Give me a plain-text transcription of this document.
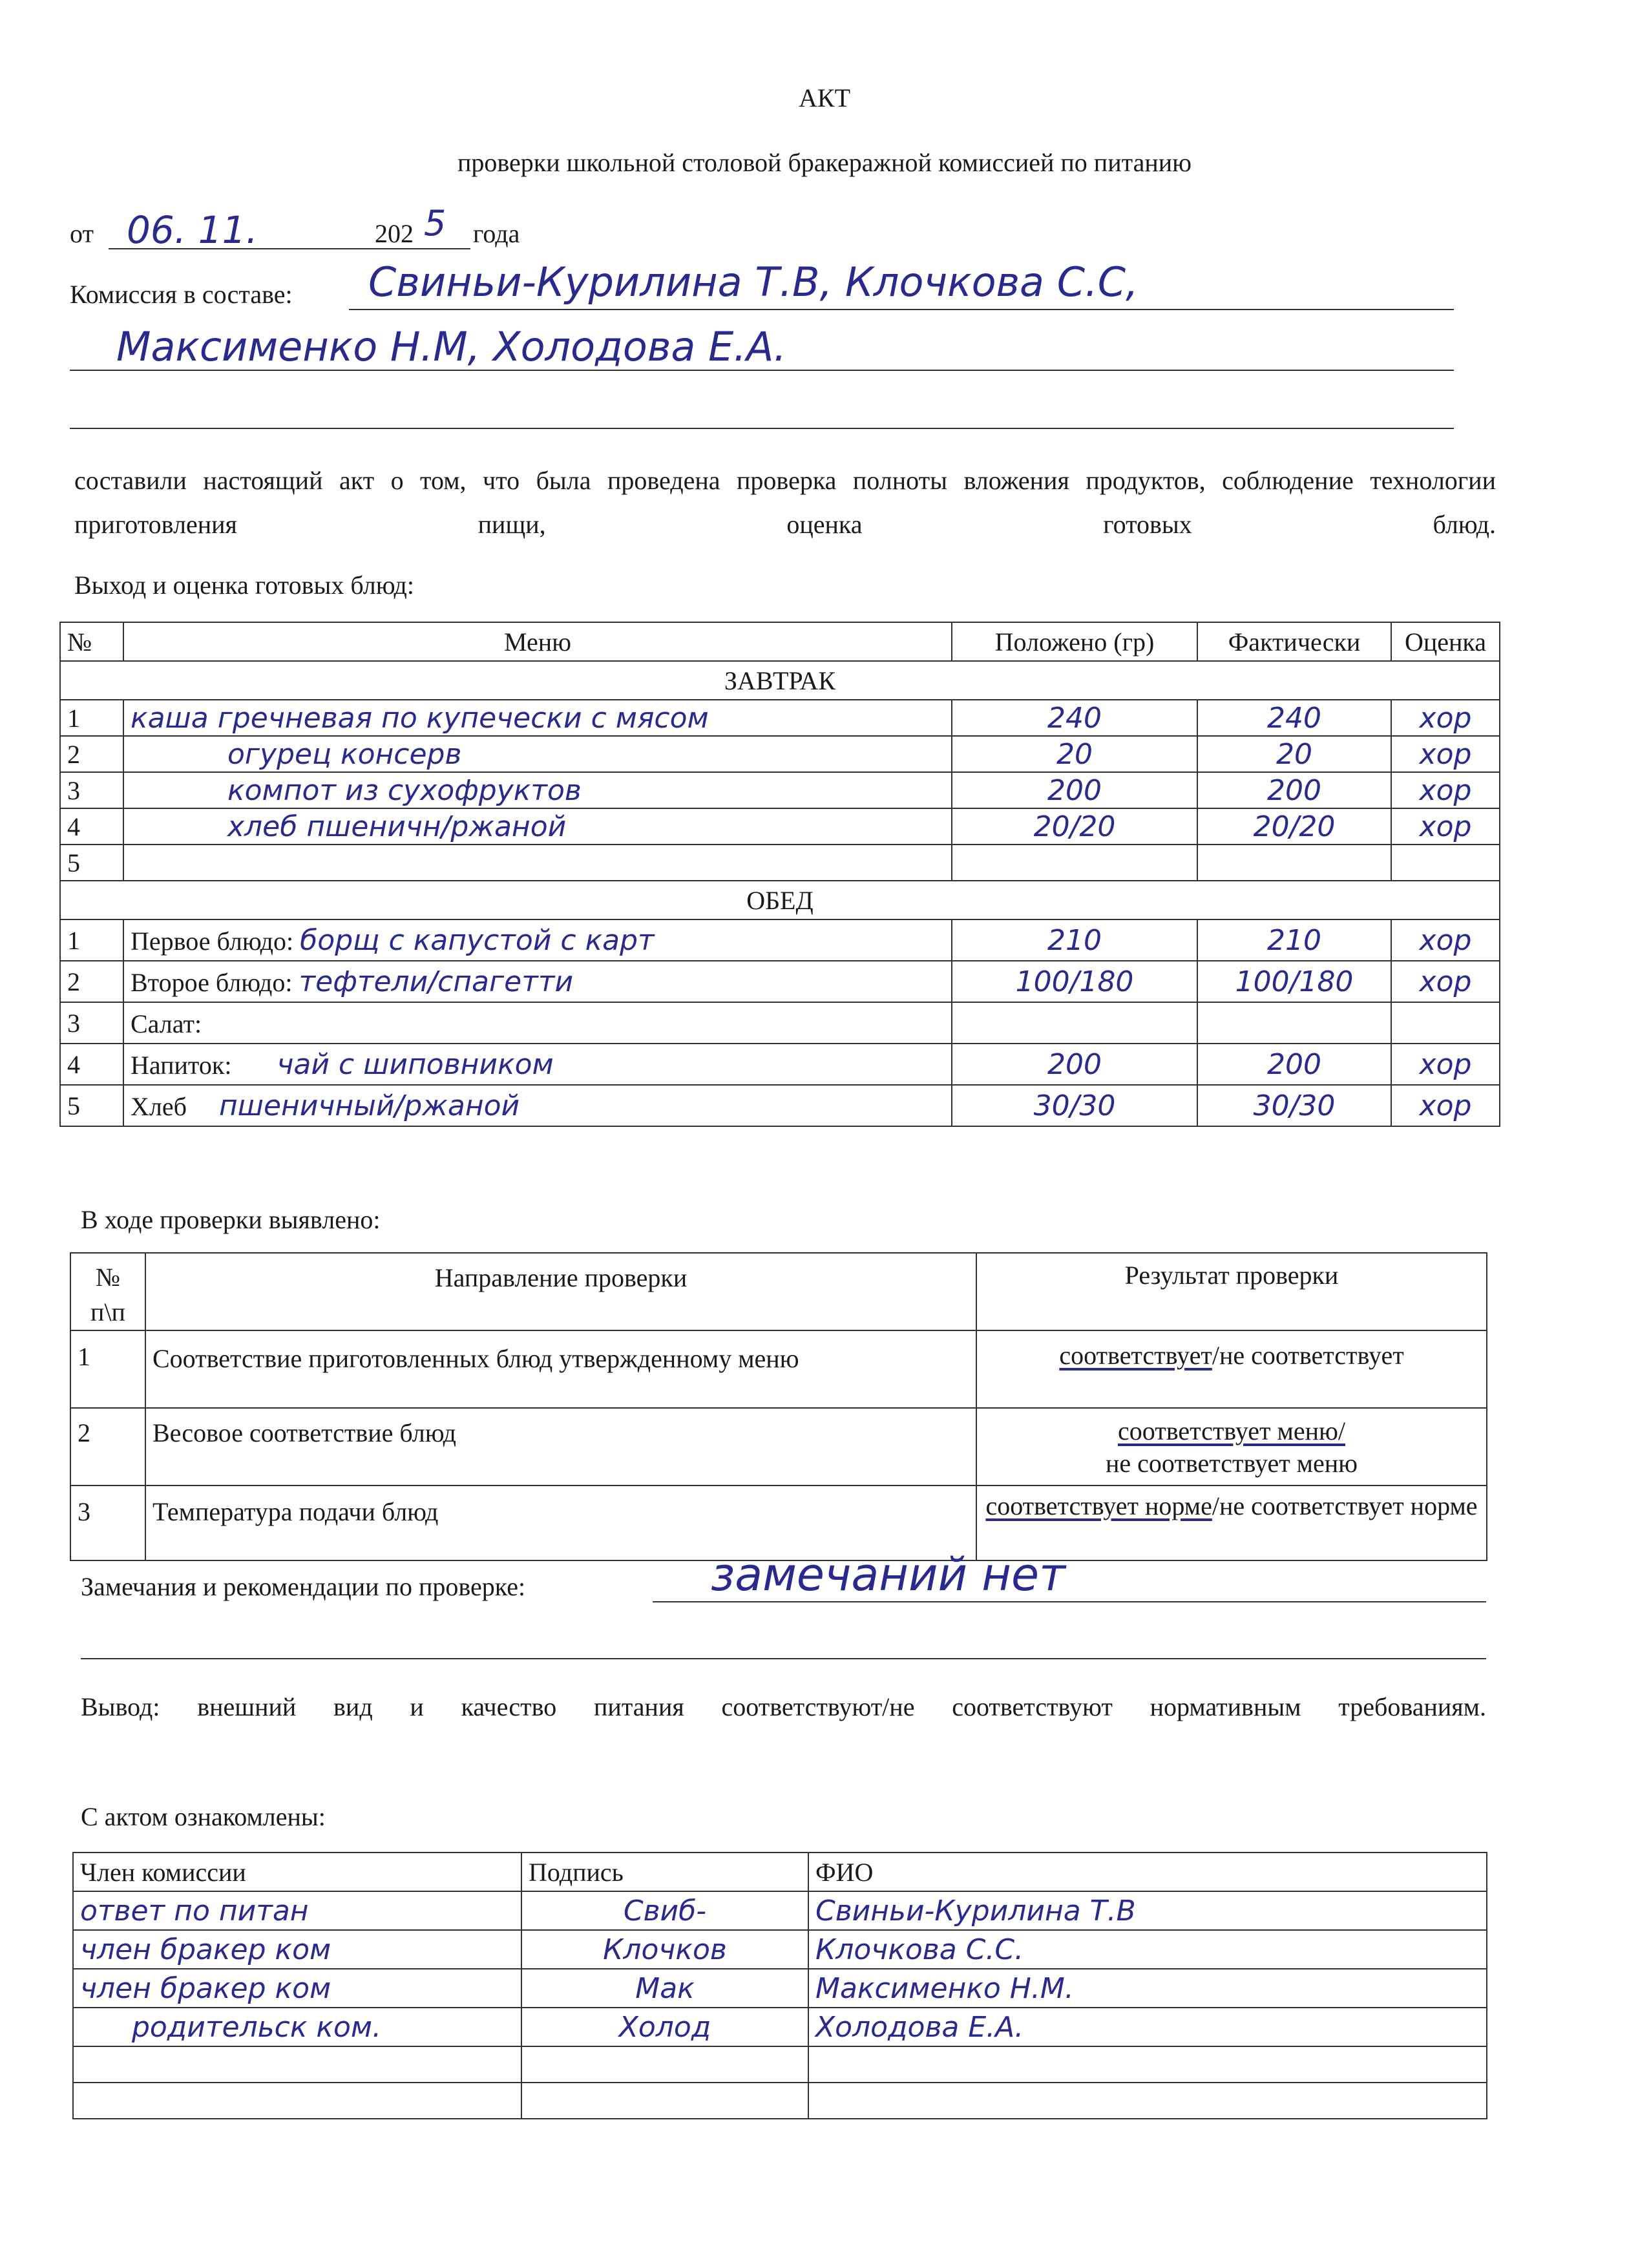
АКТ
проверки школьной столовой бракеражной комиссией по питанию
от 06. 11.	202 5 года
Комиссия в составе: Свиньи-Курилина Т.В, Клочкова С.С,
Максименко Н.М, Холодова Е.А.
составили настоящий акт о том, что была проведена проверка полноты вложения продуктов, соблюдение технологии приготовления пищи, оценка готовых блюд.
Выход и оценка готовых блюд:
№	Меню	Положено (гр)	Фактически	Оценка
ЗАВТРАК				
1	каша гречневая по купечески с мясом	240	240	хор
2	огурец консерв	20	20	хор
3	компот из сухофруктов	200	200	хор
4	хлеб пшеничн/ржаной	20/20	20/20	хор
5				
ОБЕД				
1	Первое блюдо: борщ с капустой с карт	210	210	хор
2	Второе блюдо: тефтели/спагетти	100/180	100/180	хор
3	Салат:			
4	Напиток: чай с шиповником	200	200	хор
5	Хлеб пшеничный/ржаной	30/30	30/30	хор
В ходе проверки выявлено:
№ п\п	Направление проверки	Результат проверки
1	Соответствие приготовленных блюд утвержденному меню	соответствует/не соответствует
2	Весовое соответствие блюд	соответствует меню/
не соответствует меню
3	Температура подачи блюд	соответствует норме/не соответствует норме
Замечания и рекомендации по проверке:	замечаний нет
Вывод: внешний вид и качество питания соответствуют/не соответствуют нормативным требованиям.
С актом ознакомлены:
Член комиссии	Подпись	ФИО
ответ по питан	Свиб-	Свиньи-Курилина Т.В
член бракер ком	Клочков	Клочкова С.С.
член бракер ком	Мак	Максименко Н.М.
родительск ком.	Холод	Холодова Е.А.
